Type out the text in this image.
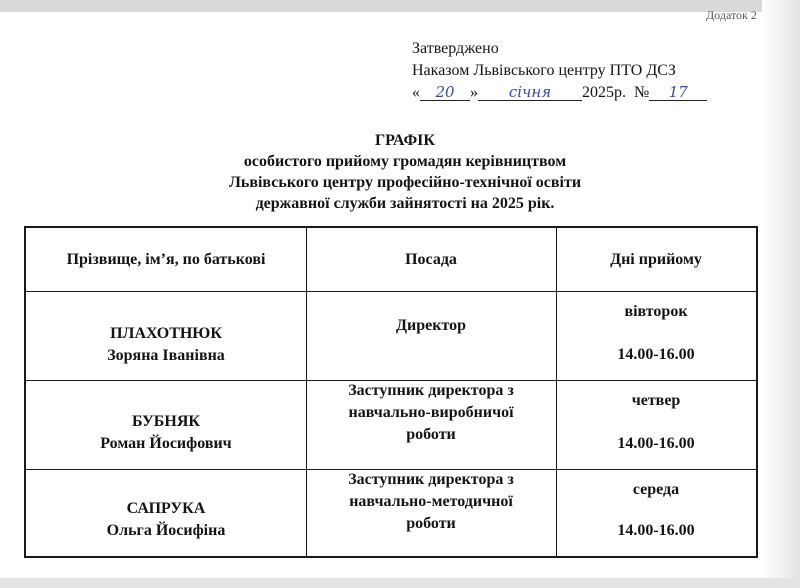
Додаток 2
Затверджено
Наказом Львівського центру ПТО ДСЗ
« 20 » січня 2025р. № 17
ГРАФІК
особистого прийому громадян керівництвом
Львівського центру професійно-технічної освіти
державної служби зайнятості на 2025 рік.
Прізвище, ім’я, по батькові	Посада	Дні прийому
ПЛАХОТНЮК
Зоряна Іванівна
Директор
вівторок
14.00-16.00
БУБНЯК
Роман Йосифович
Заступник директора з навчально-виробничої роботи
четвер
14.00-16.00
САПРУКА
Ольга Йосифіна
Заступник директора з навчально-методичної роботи
середа
14.00-16.00
